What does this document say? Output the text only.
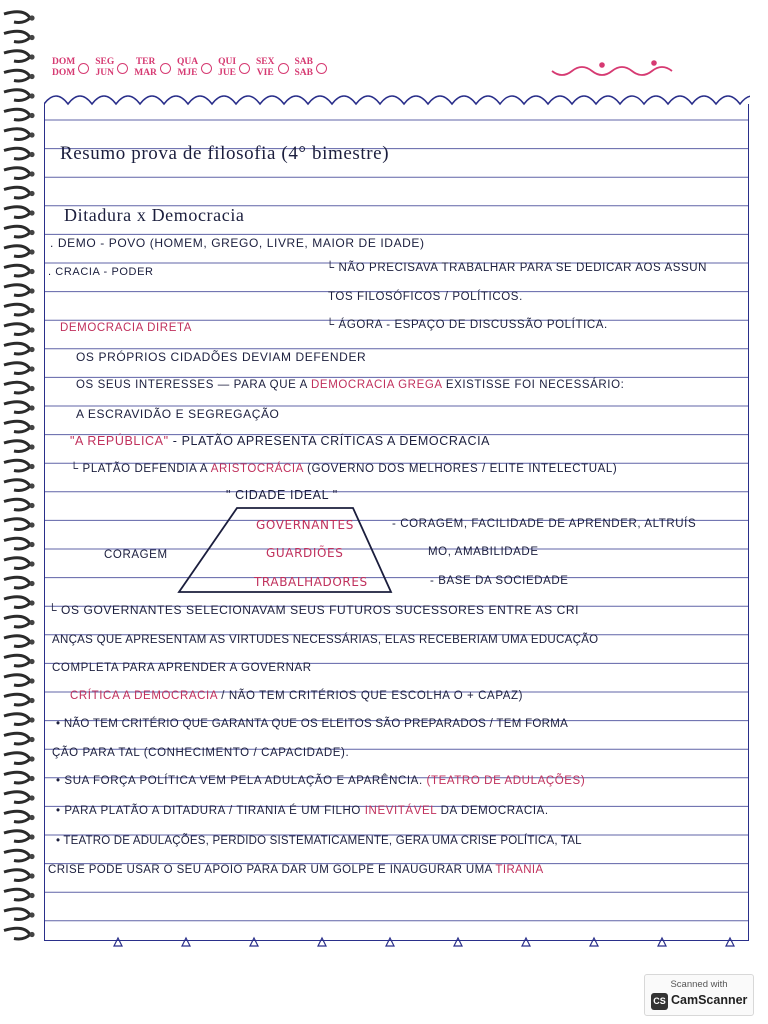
DOM
DOM
SEG
JUN
TER
MAR
QUA
MJE
QUI
JUE
SEX
VIE
SAB
SAB
Resumo prova de filosofia (4° bimestre)
Ditadura x Democracia
. DEMO - POVO (HOMEM, GREGO, LIVRE, MAIOR DE IDADE)
. CRACIA - PODER	└ NÃO PRECISAVA TRABALHAR PARA SE DEDICAR AOS ASSUN
TOS FILOSÓFICOS / POLÍTICOS.
DEMOCRACIA DIRETA	└ ÁGORA - ESPAÇO DE DISCUSSÃO POLÍTICA.
OS PRÓPRIOS CIDADÕES DEVIAM DEFENDER
OS SEUS INTERESSES — PARA QUE A DEMOCRACIA GREGA EXISTISSE FOI NECESSÁRIO:
A ESCRAVIDÃO E SEGREGAÇÃO
"A REPÚBLICA" - PLATÃO APRESENTA CRÍTICAS A DEMOCRACIA
└ PLATÃO DEFENDIA A ARISTOCRÁCIA (GOVERNO DOS MELHORES / ELITE INTELECTUAL)
" CIDADE IDEAL "
GOVERNANTES
GUARDIÕES
TRABALHADORES
- CORAGEM, FACILIDADE DE APRENDER, ALTRUÍS
MO, AMABILIDADE
- BASE DA SOCIEDADE
CORAGEM
└ OS GOVERNANTES SELECIONAVAM SEUS FUTUROS SUCESSORES ENTRE AS CRI
ANÇAS QUE APRESENTAM AS VIRTUDES NECESSÁRIAS, ELAS RECEBERIAM UMA EDUCAÇÃO
COMPLETA PARA APRENDER A GOVERNAR
CRÍTICA A DEMOCRACIA / NÃO TEM CRITÉRIOS QUE ESCOLHA O + CAPAZ)
• NÃO TEM CRITÉRIO QUE GARANTA QUE OS ELEITOS SÃO PREPARADOS / TEM FORMA
ÇÃO PARA TAL (CONHECIMENTO / CAPACIDADE).
• SUA FORÇA POLÍTICA VEM PELA ADULAÇÃO E APARÊNCIA. (TEATRO DE ADULAÇÕES)
• PARA PLATÃO A DITADURA / TIRANIA É UM FILHO INEVITÁVEL DA DEMOCRACIA.
• TEATRO DE ADULAÇÕES, PERDIDO SISTEMATICAMENTE, GERA UMA CRISE POLÍTICA, TAL
CRISE PODE USAR O SEU APOIO PARA DAR UM GOLPE E INAUGURAR UMA TIRANIA
Scanned with
CS CamScanner
